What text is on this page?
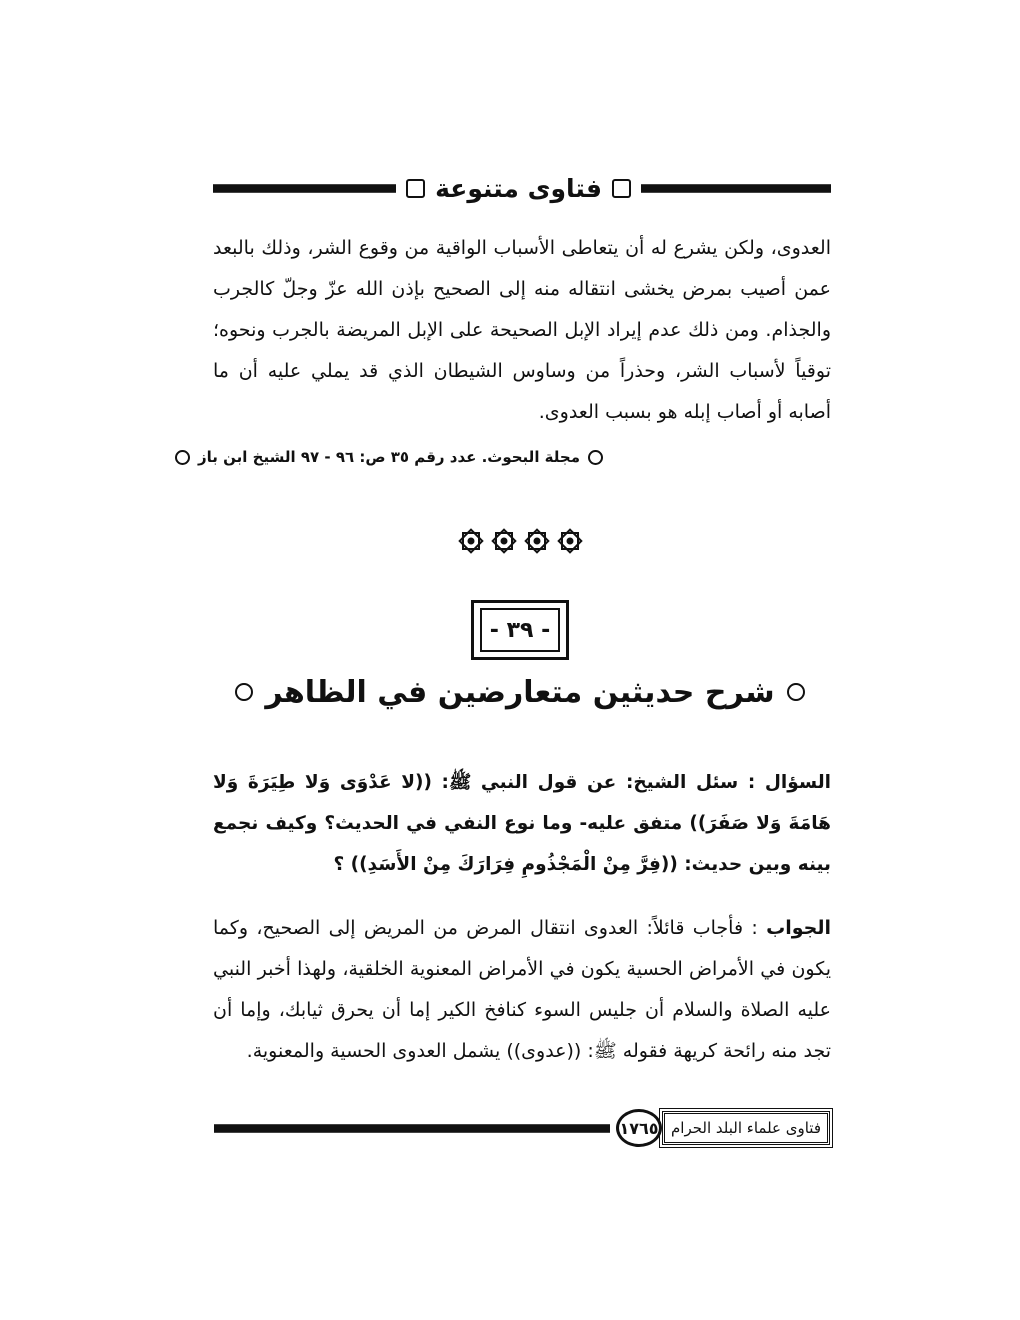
فتاوى متنوعة
العدوى، ولكن يشرع له أن يتعاطى الأسباب الواقية من وقوع الشر، وذلك بالبعد عمن أصيب بمرض يخشى انتقاله منه إلى الصحيح بإذن الله عزّ وجلّ كالجرب والجذام. ومن ذلك عدم إيراد الإبل الصحيحة على الإبل المريضة بالجرب ونحوه؛ توقياً لأسباب الشر، وحذراً من وساوس الشيطان الذي قد يملي عليه أن ما أصابه أو أصاب إبله هو بسبب العدوى.
مجلة البحوث. عدد رقم ٣٥ ص: ٩٦ - ٩٧ الشيخ ابن باز
- ٣٩ -
شرح حديثين متعارضين في الظاهر
السؤال : سئل الشيخ: عن قول النبي ﷺ: ((لا عَدْوَى وَلا طِيَرَةَ وَلا هَامَةَ وَلا صَفَرَ)) متفق عليه- وما نوع النفي في الحديث؟ وكيف نجمع بينه وبين حديث: ((فِرَّ مِنْ الْمَجْذُومِ فِرَارَكَ مِنْ الأَسَدِ)) ؟
الجواب : فأجاب قائلاً: العدوى انتقال المرض من المريض إلى الصحيح، وكما يكون في الأمراض الحسية يكون في الأمراض المعنوية الخلقية، ولهذا أخبر النبي عليه الصلاة والسلام أن جليس السوء كنافخ الكير إما أن يحرق ثيابك، وإما أن تجد منه رائحة كريهة فقوله ﷺ: ((عدوى)) يشمل العدوى الحسية والمعنوية.
١٧٦٥ فتاوى علماء البلد الحرام
